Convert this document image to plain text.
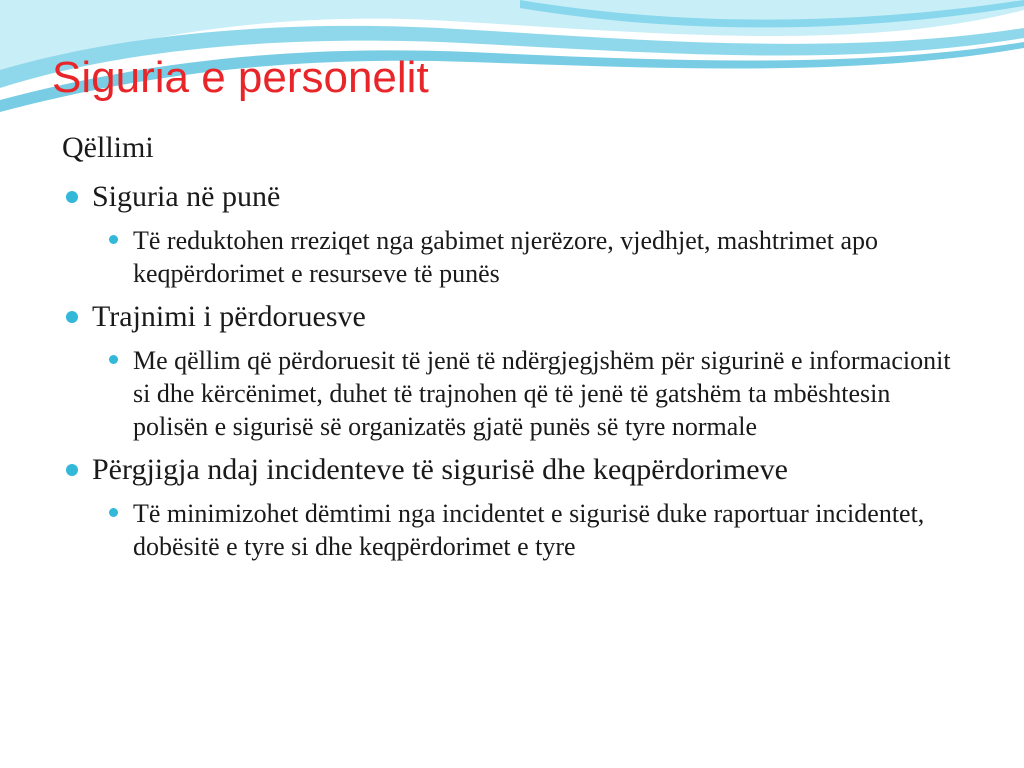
Siguria e personelit
Qëllimi
Siguria në punë
Të reduktohen rreziqet nga gabimet njerëzore, vjedhjet, mashtrimet apo keqpërdorimet e resurseve të punës
Trajnimi i përdoruesve
Me qëllim që përdoruesit të jenë të ndërgjegjshëm për sigurinë e informacionit si dhe kërcënimet, duhet të trajnohen që të jenë të gatshëm ta mbështesin polisën e sigurisë së organizatës gjatë punës së tyre normale
Përgjigja ndaj incidenteve të sigurisë dhe keqpërdorimeve
Të minimizohet dëmtimi nga incidentet e sigurisë duke raportuar incidentet, dobësitë e tyre si dhe keqpërdorimet e tyre
